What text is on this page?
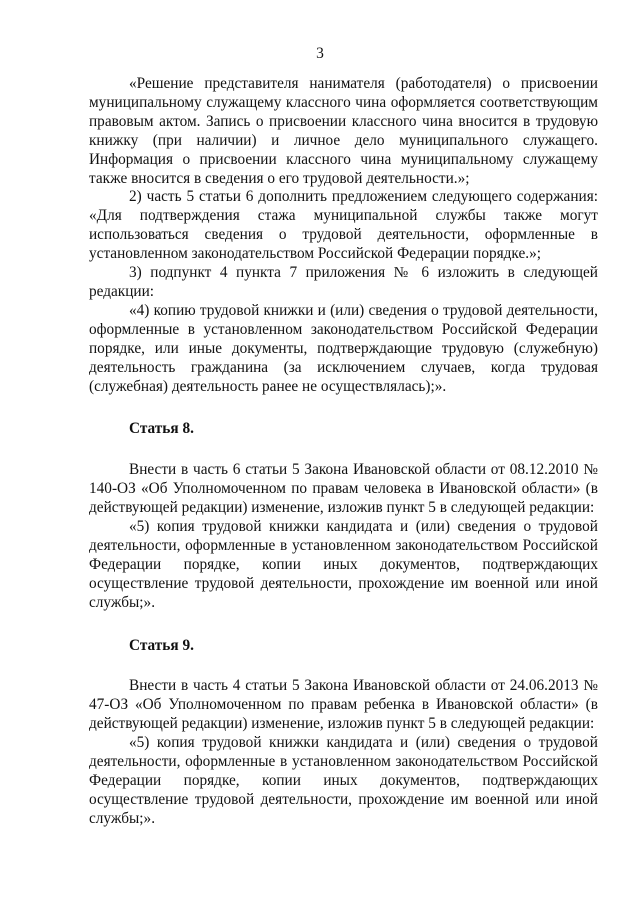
3

«Решение представителя нанимателя (работодателя) о присвоении муниципальному служащему классного чина оформляется соответствующим правовым актом. Запись о присвоении классного чина вносится в трудовую книжку (при наличии) и личное дело муниципального служащего. Информация о присвоении классного чина муниципальному служащему также вносится в сведения о его трудовой деятельности.»;

2) часть 5 статьи 6 дополнить предложением следующего содержания: «Для подтверждения стажа муниципальной службы также могут использоваться сведения о трудовой деятельности, оформленные в установленном законодательством Российской Федерации порядке.»;

3) подпункт 4 пункта 7 приложения № 6 изложить в следующей редакции:

«4) копию трудовой книжки и (или) сведения о трудовой деятельности, оформленные в установленном законодательством Российской Федерации порядке, или иные документы, подтверждающие трудовую (служебную) деятельность гражданина (за исключением случаев, когда трудовая (служебная) деятельность ранее не осуществлялась);».

Статья 8.

Внести в часть 6 статьи 5 Закона Ивановской области от 08.12.2010 № 140-ОЗ «Об Уполномоченном по правам человека в Ивановской области» (в действующей редакции) изменение, изложив пункт 5 в следующей редакции:

«5) копия трудовой книжки кандидата и (или) сведения о трудовой деятельности, оформленные в установленном законодательством Российской Федерации порядке, копии иных документов, подтверждающих осуществление трудовой деятельности, прохождение им военной или иной службы;».

Статья 9.

Внести в часть 4 статьи 5 Закона Ивановской области от 24.06.2013 № 47-ОЗ «Об Уполномоченном по правам ребенка в Ивановской области» (в действующей редакции) изменение, изложив пункт 5 в следующей редакции:

«5) копия трудовой книжки кандидата и (или) сведения о трудовой деятельности, оформленные в установленном законодательством Российской Федерации порядке, копии иных документов, подтверждающих осуществление трудовой деятельности, прохождение им военной или иной службы;».
